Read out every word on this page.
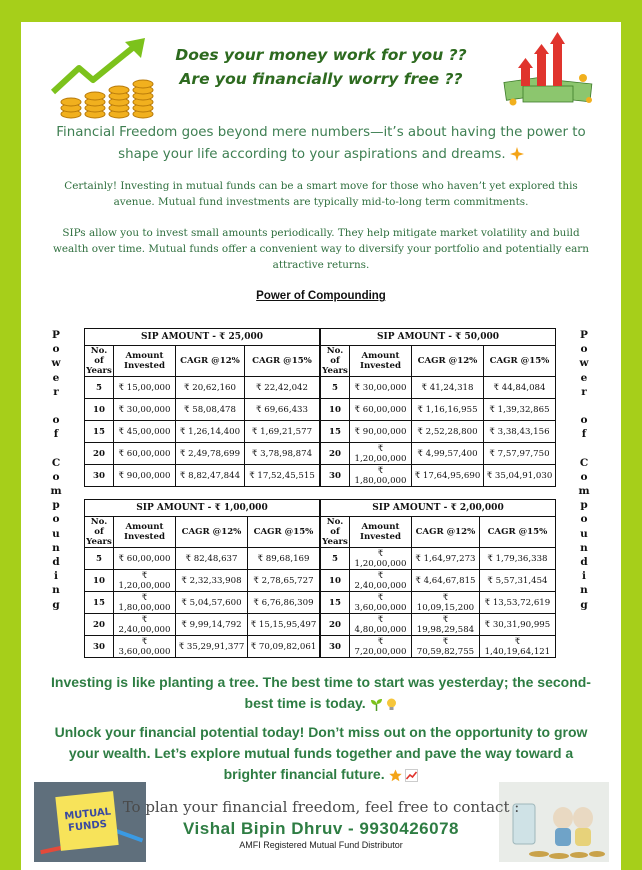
Does your money work for you ??
Are you financially worry free ??
Financial Freedom goes beyond mere numbers—it’s about having the power to shape your life according to your aspirations and dreams.
Certainly! Investing in mutual funds can be a smart move for those who haven’t yet explored this avenue. Mutual fund investments are typically mid-to-long term commitments.
SIPs allow you to invest small amounts periodically. They help mitigate market volatility and build wealth over time. Mutual funds offer a convenient way to diversify your portfolio and potentially earn attractive returns.
Power of Compounding
P
o
w
e
r

o
f

C
o
m
p
o
u
n
d
i
n
g
P
o
w
e
r

o
f

C
o
m
p
o
u
n
d
i
n
g
SIP AMOUNT - ₹ 25,000			
No. of Years	Amount Invested	CAGR @12%	CAGR @15%
5	₹ 15,00,000	₹ 20,62,160	₹ 22,42,042
10	₹ 30,00,000	₹ 58,08,478	₹ 69,66,433
15	₹ 45,00,000	₹ 1,26,14,400	₹ 1,69,21,577
20	₹ 60,00,000	₹ 2,49,78,699	₹ 3,78,98,874
30	₹ 90,00,000	₹ 8,82,47,844	₹ 17,52,45,515
SIP AMOUNT - ₹ 50,000			
No. of Years	Amount Invested	CAGR @12%	CAGR @15%
5	₹ 30,00,000	₹ 41,24,318	₹ 44,84,084
10	₹ 60,00,000	₹ 1,16,16,955	₹ 1,39,32,865
15	₹ 90,00,000	₹ 2,52,28,800	₹ 3,38,43,156
20	₹ 1,20,00,000	₹ 4,99,57,400	₹ 7,57,97,750
30	₹ 1,80,00,000	₹ 17,64,95,690	₹ 35,04,91,030
SIP AMOUNT - ₹ 1,00,000			
No. of Years	Amount Invested	CAGR @12%	CAGR @15%
5	₹ 60,00,000	₹ 82,48,637	₹ 89,68,169
10	₹ 1,20,00,000	₹ 2,32,33,908	₹ 2,78,65,727
15	₹ 1,80,00,000	₹ 5,04,57,600	₹ 6,76,86,309
20	₹ 2,40,00,000	₹ 9,99,14,792	₹ 15,15,95,497
30	₹ 3,60,00,000	₹ 35,29,91,377	₹ 70,09,82,061
SIP AMOUNT - ₹ 2,00,000			
No. of Years	Amount Invested	CAGR @12%	CAGR @15%
5	₹ 1,20,00,000	₹ 1,64,97,273	₹ 1,79,36,338
10	₹ 2,40,00,000	₹ 4,64,67,815	₹ 5,57,31,454
15	₹ 3,60,00,000	₹ 10,09,15,200	₹ 13,53,72,619
20	₹ 4,80,00,000	₹ 19,98,29,584	₹ 30,31,90,995
30	₹ 7,20,00,000	₹ 70,59,82,755	₹ 1,40,19,64,121
Investing is like planting a tree. The best time to start was yesterday; the second-best time is today.
Unlock your financial potential today! Don’t miss out on the opportunity to grow your wealth. Let’s explore mutual funds together and pave the way toward a brighter financial future.
MUTUAL FUNDS
To plan your financial freedom, feel free to contact :
Vishal Bipin Dhruv - 9930426078
AMFI Registered Mutual Fund Distributor
